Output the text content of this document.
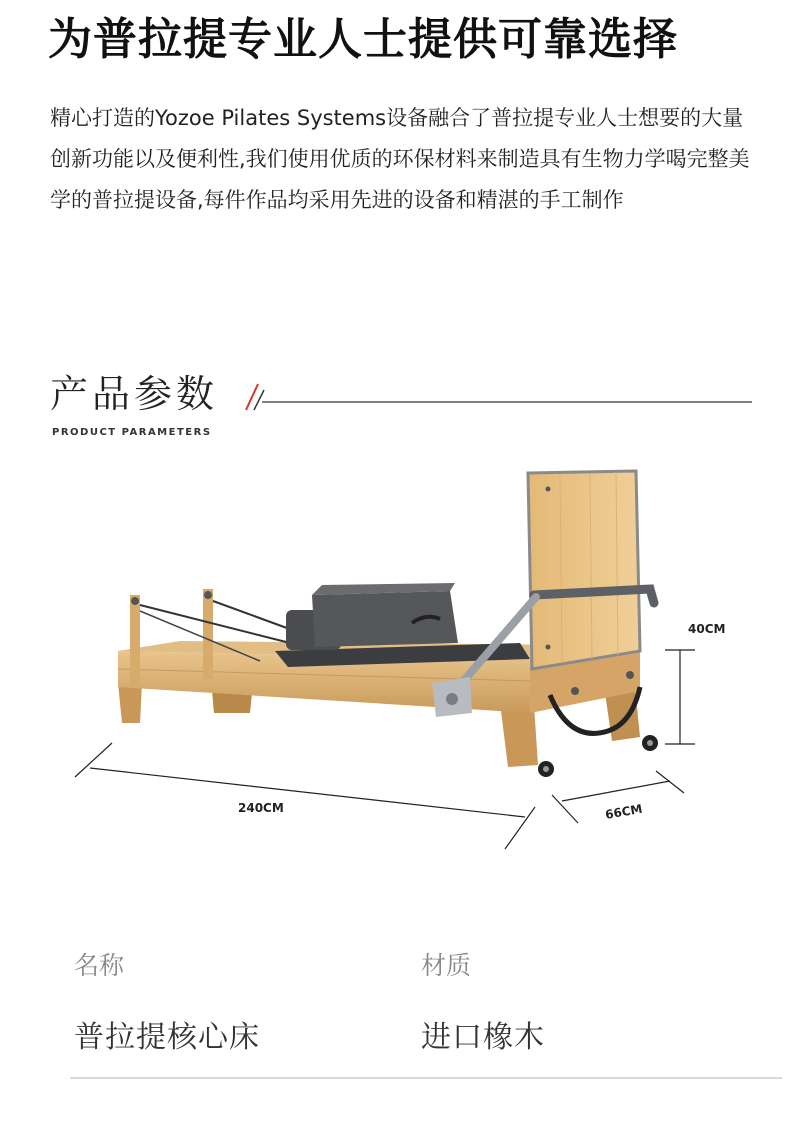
为普拉提专业人士提供可靠选择
精心打造的Yozoe Pilates Systems设备融合了普拉提专业人士想要的大量创新功能以及便利性,我们使用优质的环保材料来制造具有生物力学喝完整美学的普拉提设备,每件作品均采用先进的设备和精湛的手工制作
产品参数
PRODUCT PARAMETERS
240CM	66CM
40CM
名称
普拉提核心床
材质
进口橡木
